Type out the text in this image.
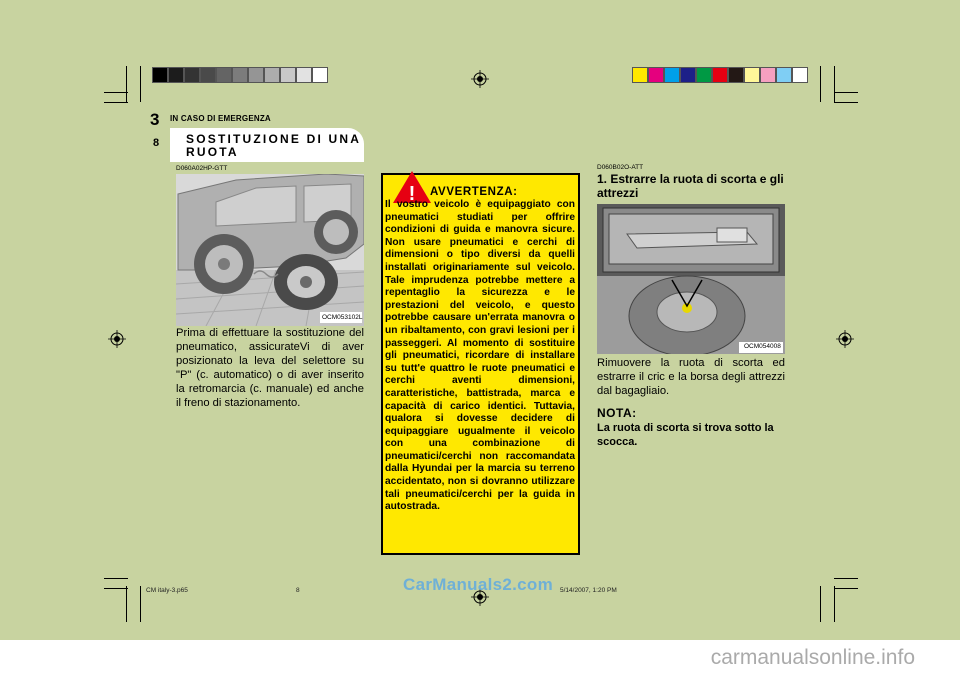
3 IN CASO DI EMERGENZA
8	SOSTITUZIONE DI UNA RUOTA
D060A02HP-GTT
OCM053102L
Prima di effettuare la sostituzione del pneumatico, assicurateVi di aver posizionato la leva del selettore su "P" (c. automatico) o di aver inserito la retromarcia (c. manuale) ed anche il freno di stazionamento.
! AVVERTENZA:
Il vostro veicolo è equipaggiato con pneumatici studiati per offrire condizioni di guida e manovra sicure. Non usare pneumatici e cerchi di dimensioni o tipo diversi da quelli installati originariamente sul veicolo. Tale imprudenza potrebbe mettere a repentaglio la sicurezza e le prestazioni del veicolo, e questo potrebbe causare un'errata manovra o un ribaltamento, con gravi lesioni per i passeggeri. Al momento di sostituire gli pneumatici, ricordare di installare su tutt'e quattro le ruote pneumatici e cerchi aventi dimensioni, caratteristiche, battistrada, marca e capacità di carico identici. Tuttavia, qualora si dovesse decidere di equipaggiare ugualmente il veicolo con una combinazione di pneumatici/cerchi non raccomandata dalla Hyundai per la marcia su terreno accidentato, non si dovranno utilizzare tali pneumatici/cerchi per la guida in autostrada.
D060B02O-ATT
1. Estrarre la ruota di scorta e gli attrezzi
OCM054008
Rimuovere la ruota di scorta ed estrarre il cric e la borsa degli attrezzi dal bagagliaio.
NOTA:
La ruota di scorta si trova sotto la scocca.
CM italy-3.p65	8	5/14/2007, 1:20 PM
CarManuals2.com
carmanualsonline.info
